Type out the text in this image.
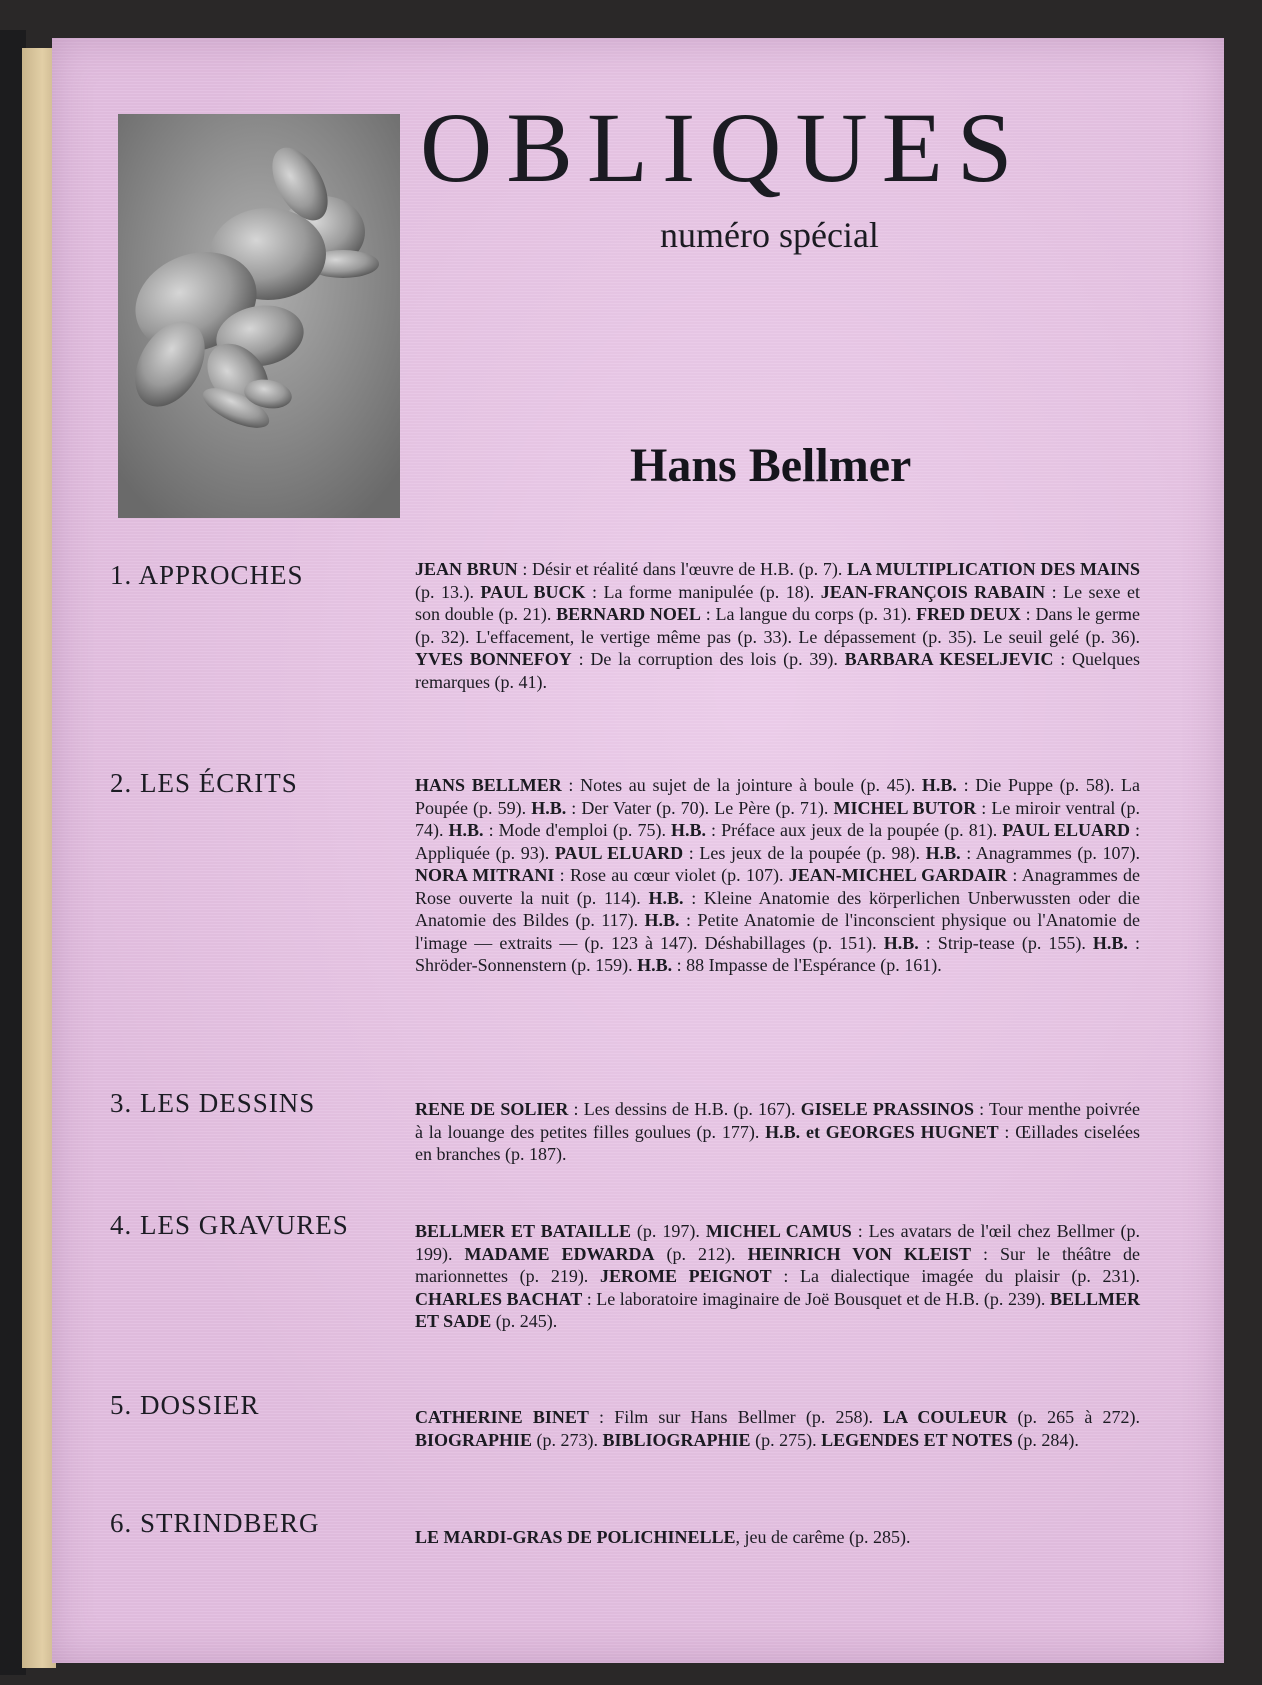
OBLIQUES
numéro spécial
Hans Bellmer
1. APPROCHES	JEAN BRUN : Désir et réalité dans l'œuvre de H.B. (p. 7). LA MULTIPLICATION DES MAINS (p. 13.). PAUL BUCK : La forme manipulée (p. 18). JEAN-FRANÇOIS RABAIN : Le sexe et son double (p. 21). BERNARD NOEL : La langue du corps (p. 31). FRED DEUX : Dans le germe (p. 32). L'effacement, le vertige même pas (p. 33). Le dépassement (p. 35). Le seuil gelé (p. 36). YVES BONNEFOY : De la corruption des lois (p. 39). BARBARA KESELJEVIC : Quelques remarques (p. 41).
2. LES ÉCRITS	HANS BELLMER : Notes au sujet de la jointure à boule (p. 45). H.B. : Die Puppe (p. 58). La Poupée (p. 59). H.B. : Der Vater (p. 70). Le Père (p. 71). MICHEL BUTOR : Le miroir ventral (p. 74). H.B. : Mode d'emploi (p. 75). H.B. : Préface aux jeux de la poupée (p. 81). PAUL ELUARD : Appliquée (p. 93). PAUL ELUARD : Les jeux de la poupée (p. 98). H.B. : Anagrammes (p. 107). NORA MITRANI : Rose au cœur violet (p. 107). JEAN-MICHEL GARDAIR : Anagrammes de Rose ouverte la nuit (p. 114). H.B. : Kleine Anatomie des körperlichen Unberwussten oder die Anatomie des Bildes (p. 117). H.B. : Petite Anatomie de l'inconscient physique ou l'Anatomie de l'image — extraits — (p. 123 à 147). Déshabillages (p. 151). H.B. : Strip-tease (p. 155). H.B. : Shröder-Sonnenstern (p. 159). H.B. : 88 Impasse de l'Espérance (p. 161).
3. LES DESSINS	RENE DE SOLIER : Les dessins de H.B. (p. 167). GISELE PRASSINOS : Tour menthe poivrée à la louange des petites filles goulues (p. 177). H.B. et GEORGES HUGNET : Œillades ciselées en branches (p. 187).
4. LES GRAVURES	BELLMER ET BATAILLE (p. 197). MICHEL CAMUS : Les avatars de l'œil chez Bellmer (p. 199). MADAME EDWARDA (p. 212). HEINRICH VON KLEIST : Sur le théâtre de marionnettes (p. 219). JEROME PEIGNOT : La dialectique imagée du plaisir (p. 231). CHARLES BACHAT : Le laboratoire imaginaire de Joë Bousquet et de H.B. (p. 239). BELLMER ET SADE (p. 245).
5. DOSSIER	CATHERINE BINET : Film sur Hans Bellmer (p. 258). LA COULEUR (p. 265 à 272). BIOGRAPHIE (p. 273). BIBLIOGRAPHIE (p. 275). LEGENDES ET NOTES (p. 284).
6. STRINDBERG	LE MARDI-GRAS DE POLICHINELLE, jeu de carême (p. 285).
